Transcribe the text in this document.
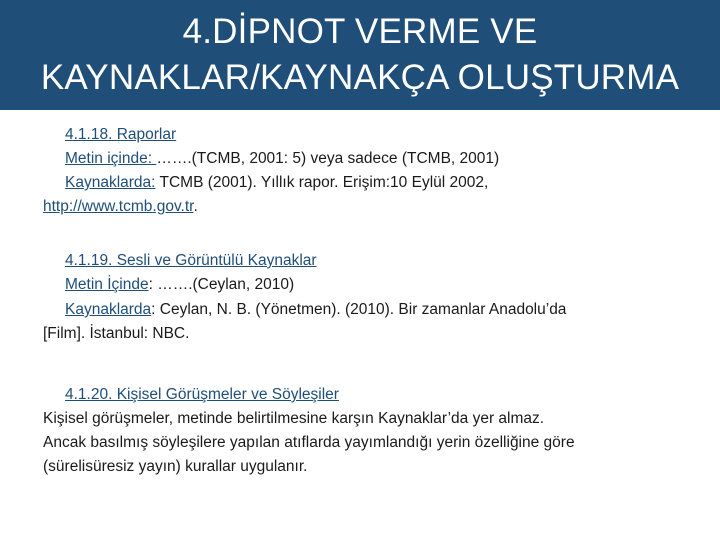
4.DİPNOT VERME VE
KAYNAKLAR/KAYNAKÇA OLUŞTURMA
4.1.18. Raporlar
Metin içinde: …….(TCMB, 2001: 5) veya sadece (TCMB, 2001)
Kaynaklarda: TCMB (2001). Yıllık rapor. Erişim:10 Eylül 2002,
http://www.tcmb.gov.tr.
4.1.19. Sesli ve Görüntülü Kaynaklar
Metin İçinde: …….(Ceylan, 2010)
Kaynaklarda: Ceylan, N. B. (Yönetmen). (2010). Bir zamanlar Anadolu’da
[Film]. İstanbul: NBC.
4.1.20. Kişisel Görüşmeler ve Söyleşiler
Kişisel görüşmeler, metinde belirtilmesine karşın Kaynaklar’da yer almaz.
Ancak basılmış söyleşilere yapılan atıflarda yayımlandığı yerin özelliğine göre
(sürelisüresiz yayın) kurallar uygulanır.
